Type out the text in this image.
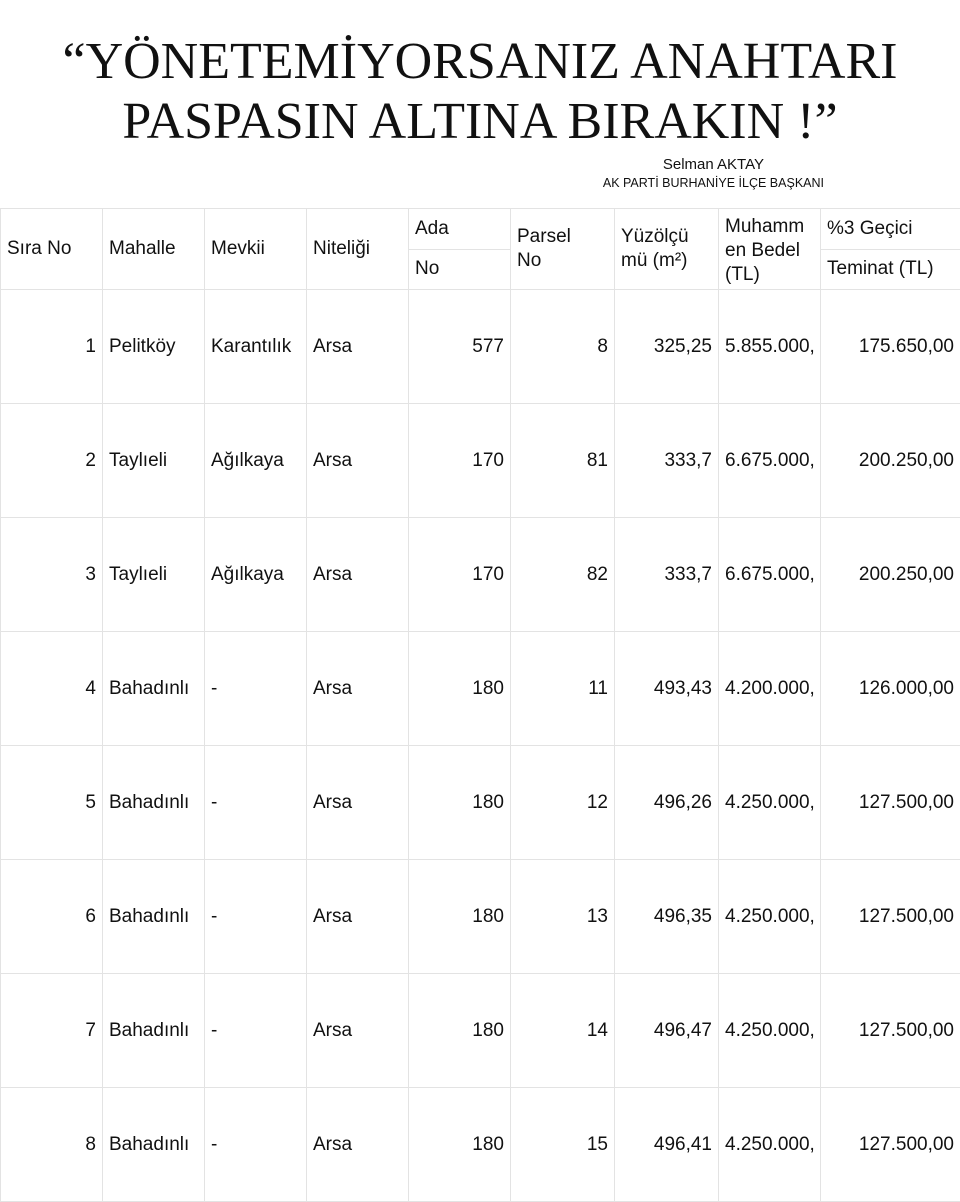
“YÖNETEMİYORSANIZ ANAHTARI
PASPASIN ALTINA BIRAKIN !”
Selman AKTAY
AK PARTİ BURHANİYE İLÇE BAŞKANI
Sıra No	Mahalle	Mevkii	Niteliği	Ada	Parsel No	Yüzölçü mü (m²)	Muhamm en Bedel (TL)	%3 Geçici
				No				Teminat (TL)
1	Pelitköy	Karantılık	Arsa	577	8	325,25	5.855.000,	175.650,00
2	Taylıeli	Ağılkaya	Arsa	170	81	333,7	6.675.000,	200.250,00
3	Taylıeli	Ağılkaya	Arsa	170	82	333,7	6.675.000,	200.250,00
4	Bahadınlı	-	Arsa	180	11	493,43	4.200.000,	126.000,00
5	Bahadınlı	-	Arsa	180	12	496,26	4.250.000,	127.500,00
6	Bahadınlı	-	Arsa	180	13	496,35	4.250.000,	127.500,00
7	Bahadınlı	-	Arsa	180	14	496,47	4.250.000,	127.500,00
8	Bahadınlı	-	Arsa	180	15	496,41	4.250.000,	127.500,00
